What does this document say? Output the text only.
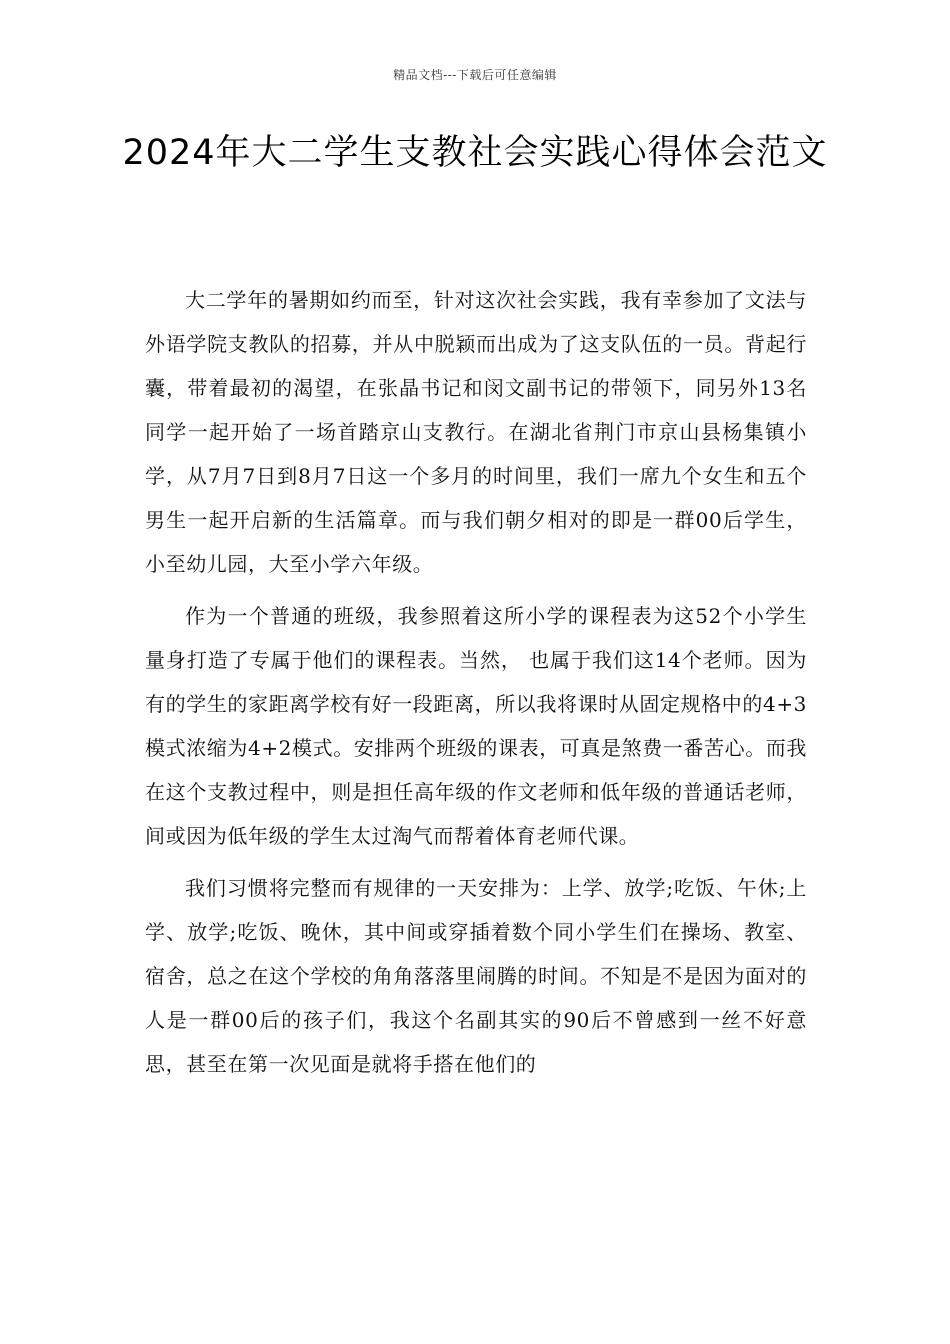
精品文档---下载后可任意编辑
2024年大二学生支教社会实践心得体会范文

大二学年的暑期如约而至，针对这次社会实践，我有幸参加了文法与外语学院支教队的招募，并从中脱颖而出成为了这支队伍的一员。背起行囊，带着最初的渴望，在张晶书记和闵文副书记的带领下，同另外13名同学一起开始了一场首踏京山支教行。在湖北省荆门市京山县杨集镇小学，从7月7日到8月7日这一个多月的时间里，我们一席九个女生和五个男生一起开启新的生活篇章。而与我们朝夕相对的即是一群00后学生，小至幼儿园，大至小学六年级。

作为一个普通的班级，我参照着这所小学的课程表为这52个小学生量身打造了专属于他们的课程表。当然， 也属于我们这14个老师。因为有的学生的家距离学校有好一段距离，所以我将课时从固定规格中的4+3模式浓缩为4+2模式。安排两个班级的课表，可真是煞费一番苦心。而我在这个支教过程中，则是担任高年级的作文老师和低年级的普通话老师，间或因为低年级的学生太过淘气而帮着体育老师代课。

我们习惯将完整而有规律的一天安排为：上学、放学;吃饭、午休;上学、放学;吃饭、晚休，其中间或穿插着数个同小学生们在操场、教室、宿舍，总之在这个学校的角角落落里闹腾的时间。不知是不是因为面对的人是一群00后的孩子们，我这个名副其实的90后不曾感到一丝不好意思，甚至在第一次见面是就将手搭在他们的
